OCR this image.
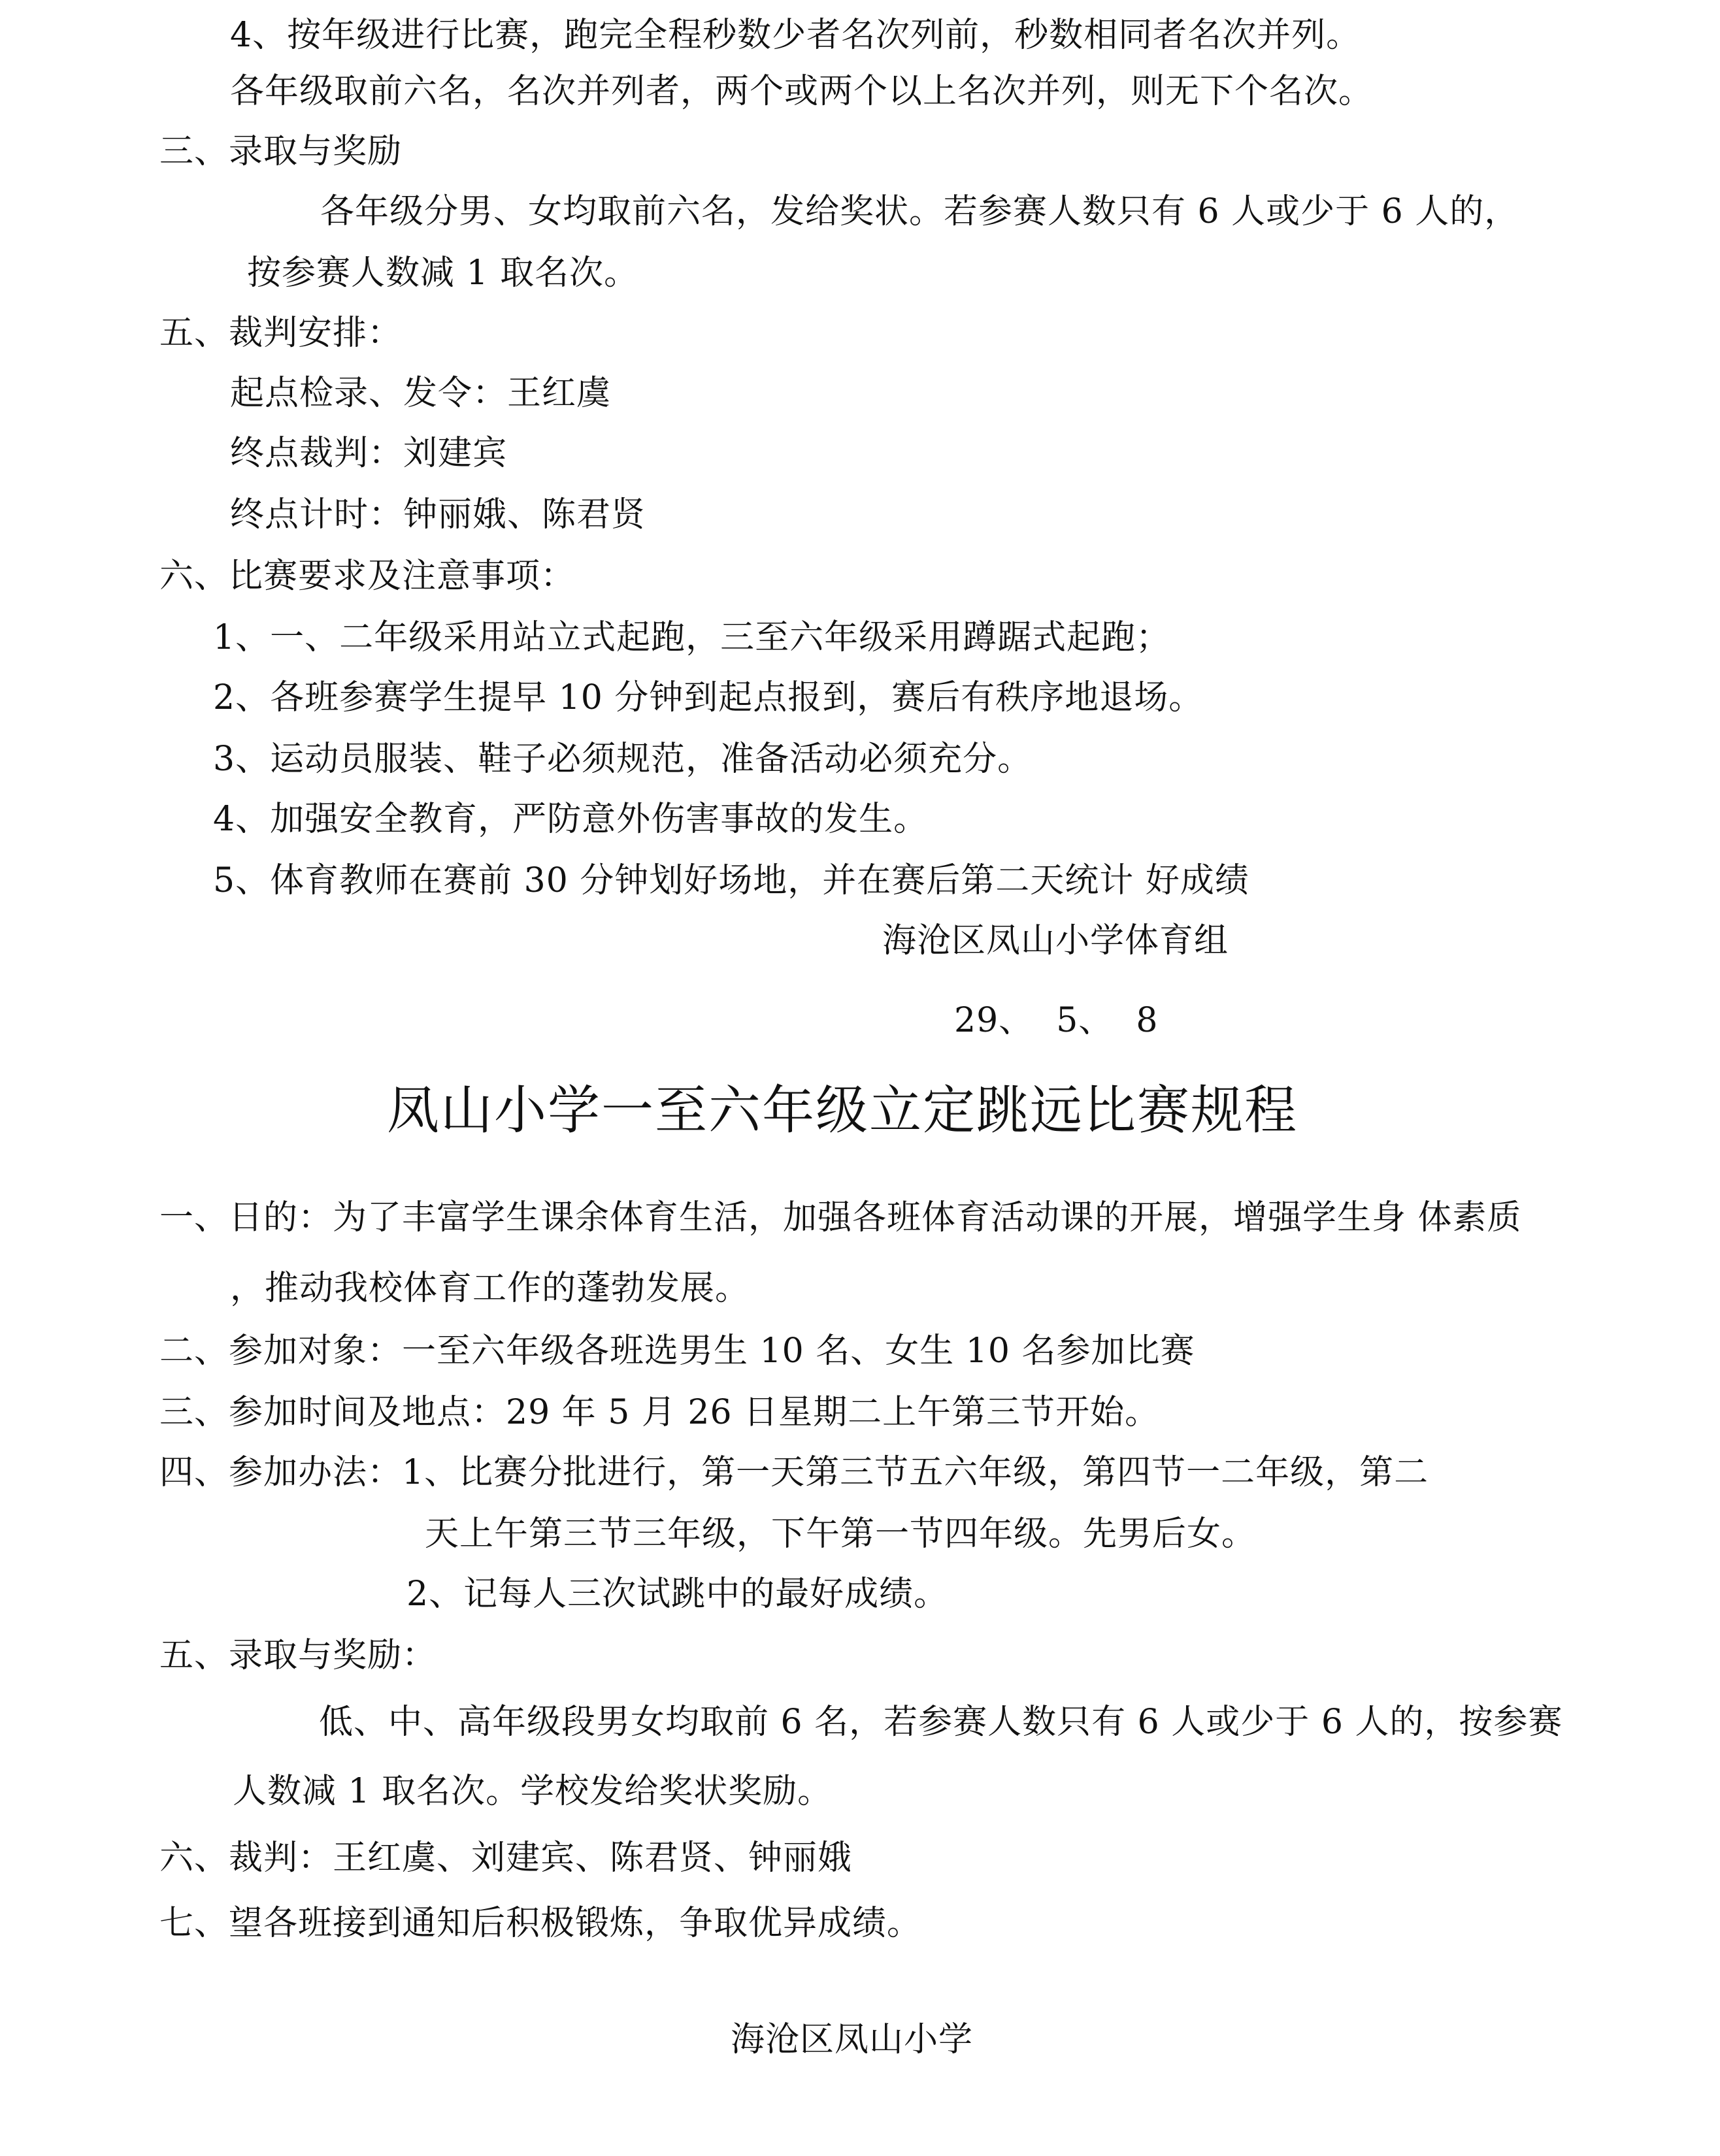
4、按年级进行比赛，跑完全程秒数少者名次列前，秒数相同者名次并列。
各年级取前六名，名次并列者，两个或两个以上名次并列，则无下个名次。
三、录取与奖励
各年级分男、女均取前六名，发给奖状。若参赛人数只有 6 人或少于 6 人的，
按参赛人数减 1 取名次。
五、裁判安排：
起点检录、发令：王红虞
终点裁判：刘建宾
终点计时：钟丽娥、陈君贤
六、比赛要求及注意事项：
1、一、二年级采用站立式起跑，三至六年级采用蹲踞式起跑；
2、各班参赛学生提早 10 分钟到起点报到，赛后有秩序地退场。
3、运动员服装、鞋子必须规范，准备活动必须充分。
4、加强安全教育，严防意外伤害事故的发生。
5、体育教师在赛前 30 分钟划好场地，并在赛后第二天统计 好成绩
海沧区凤山小学体育组
29、  5、  8
凤山小学一至六年级立定跳远比赛规程
一、日的：为了丰富学生课余体育生活，加强各班体育活动课的开展，增强学生身 体素质
，推动我校体育工作的蓬勃发展。
二、参加对象：一至六年级各班选男生 10 名、女生 10 名参加比赛
三、参加时间及地点：29 年 5 月 26 日星期二上午第三节开始。
四、参加办法：1、比赛分批进行，第一天第三节五六年级，第四节一二年级，第二
天上午第三节三年级，下午第一节四年级。先男后女。
2、记每人三次试跳中的最好成绩。
五、录取与奖励：
低、中、高年级段男女均取前 6 名，若参赛人数只有 6 人或少于 6 人的，按参赛
人数减 1 取名次。学校发给奖状奖励。
六、裁判：王红虞、刘建宾、陈君贤、钟丽娥
七、望各班接到通知后积极锻炼，争取优异成绩。
海沧区凤山小学
